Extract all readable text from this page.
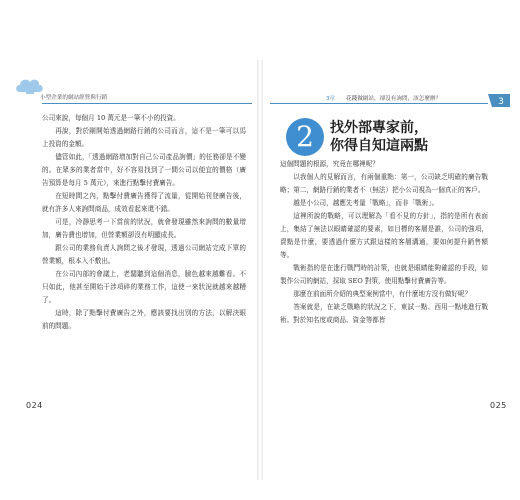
小型企業的網站經營與行銷

公司來說，每個月 10 萬元是一筆不小的投資。

再說，對於剛開始透過網路行銷的公司而言，這不是一筆可以馬上投資的金額。

儘管如此，「透過網路增加對自己公司產品詢價」的任務卻是不變的。在眾多的業者當中，好不容易找到了一間公司以便宜的價格（廣告預算是每月 5 萬元），來進行點擊付費廣告。

在短時間之內，點擊付費廣告獲得了流量，從開始刊登廣告後，就有許多人來詢問商品，成效看起來還不錯。

可是，冷靜思考一下當前的狀況，就會發現雖然來詢問的數量增加，廣告費也增加，但營業額卻沒有明顯成長。

跟公司的業務負責人詢問之後才發現，透過公司網站完成下單的營業額，根本入不敷出。

在公司內部的會議上，老闆聽到這個消息，臉色越來越難看。不只如此，他甚至開始干涉項碎的業務工作，這使一來狀況就越來越糟了。

這時，除了點擊付費廣告之外，應該要找出別的方法，以解決眼前的問題。

024
3章 花錢做網站，卻沒有詢問，該怎麼辦？	3
2	找外部專家前，
你得自知這兩點

這個問題的根源，究竟在哪裡呢？

以我個人的見解而言，有兩個重點：第一，公司缺乏明確的廣告戰略；第二，網路行銷的業者不（無法）把小公司視為一個真正的客戶。

越是小公司，越應先考量「戰略」，而非「戰術」。

這裡所說的戰略，可以理解為「看不見的方針」，指的是所有表面上，集結了無法以眼睛確認的要素，如目標的客層是誰，公司的強項，賣點是什麼，要透過什麼方式跟這樣的客層溝通，要如何提升銷售額等。

戰術指的是在進行戰鬥時的計策，也就是眼睛能夠確認的手段，如製作公司的網站，採取 SEO 對策，使用點擊付費廣告等。

那麼在前面所介紹的典型案例當中，有什麼地方沒有做好呢？

答案就是，在缺乏戰略的狀況之下，東試一點、西用一點地進行戰術。對於知名度或商品、資金等都皆

025
